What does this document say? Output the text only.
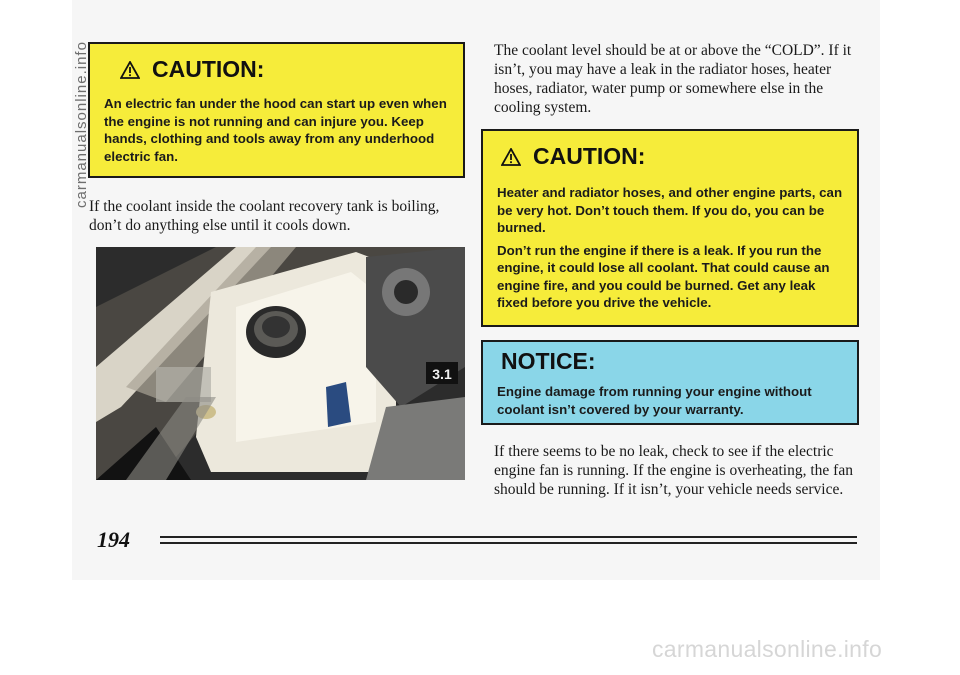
CAUTION:

An electric fan under the hood can start up even when the engine is not running and can injure you. Keep hands, clothing and tools away from any underhood electric fan.

If the coolant inside the coolant recovery tank is boiling, don’t do anything else until it cools down.

carmanualsonline.info
3.1

The coolant level should be at or above the “COLD”. If it isn’t, you may have a leak in the radiator hoses, heater hoses, radiator, water pump or somewhere else in the cooling system.

CAUTION:

Heater and radiator hoses, and other engine parts, can be very hot. Don’t touch them. If you do, you can be burned.

Don’t run the engine if there is a leak. If you run the engine, it could lose all coolant. That could cause an engine fire, and you could be burned. Get any leak fixed before you drive the vehicle.

NOTICE:

Engine damage from running your engine without coolant isn’t covered by your warranty.

If there seems to be no leak, check to see if the electric engine fan is running. If the engine is overheating, the fan should be running. If it isn’t, your vehicle needs service.

194
carmanualsonline.info
